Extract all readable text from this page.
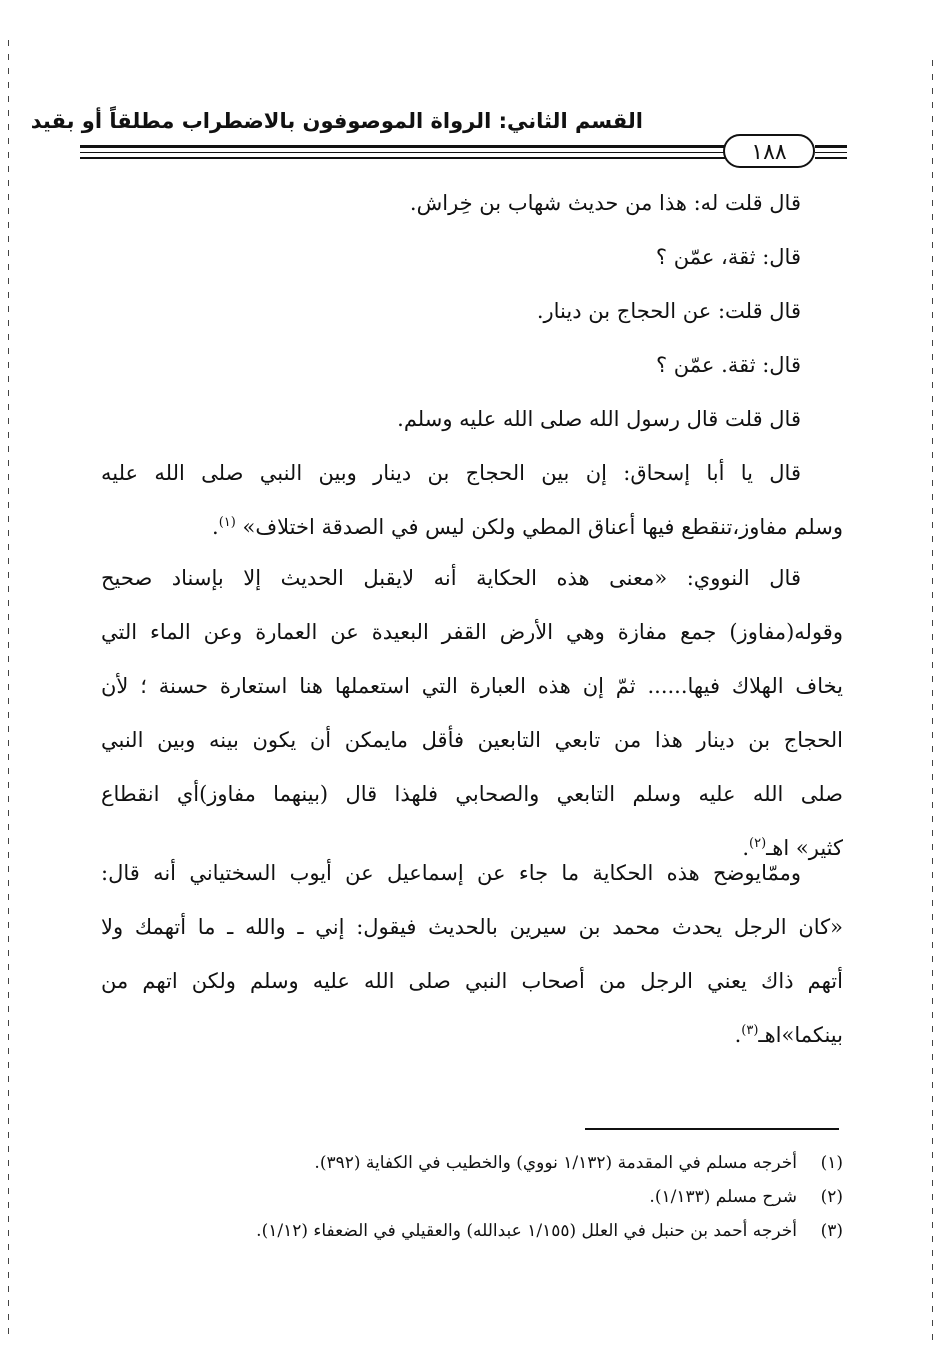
القسم الثاني: الرواة الموصوفون بالاضطراب مطلقاً أو بقيد
١٨٨
قال قلت له: هذا من حديث شهاب بن خِراش.
قال: ثقة، عمّن ؟
قال قلت: عن الحجاج بن دينار.
قال: ثقة. عمّن ؟
قال قلت قال رسول الله صلى الله عليه وسلم.
قال يا أبا إسحاق: إن بين الحجاج بن دينار وبين النبي صلى الله عليه
وسلم مفاوز،تنقطع فيها أعناق المطي ولكن ليس في الصدقة اختلاف» $^{(١)}$.
قال النووي: «معنى هذه الحكاية أنه لايقبل الحديث إلا بإسناد صحيح
وقوله(مفاوز) جمع مفازة وهي الأرض القفر البعيدة عن العمارة وعن الماء التي
يخاف الهلاك فيها...... ثمّ إن هذه العبارة التي استعملها هنا استعارة حسنة ؛ لأن
الحجاج بن دينار هذا من تابعي التابعين فأقل مايمكن أن يكون بينه وبين النبي
صلى الله عليه وسلم التابعي والصحابي فلهذا قال (بينهما مفاوز)أي انقطاع
كثير» اهـ$^{(٢)}$.
وممّايوضح هذه الحكاية ما جاء عن إسماعيل عن أيوب السختياني أنه قال:
«كان الرجل يحدث محمد بن سيرين بالحديث فيقول: إني ـ والله ـ ما أتهمك ولا
أتهم ذاك يعني الرجل من أصحاب النبي صلى الله عليه وسلم ولكن اتهم من
بينكما»اهـ$^{(٣)}$.
(١)أخرجه مسلم في المقدمة (١/١٣٢ نووي) والخطيب في الكفاية (٣٩٢).
(٢)شرح مسلم (١/١٣٣).
(٣)أخرجه أحمد بن حنبل في العلل (١/١٥٥ عبدالله) والعقيلي في الضعفاء (١/١٢).
